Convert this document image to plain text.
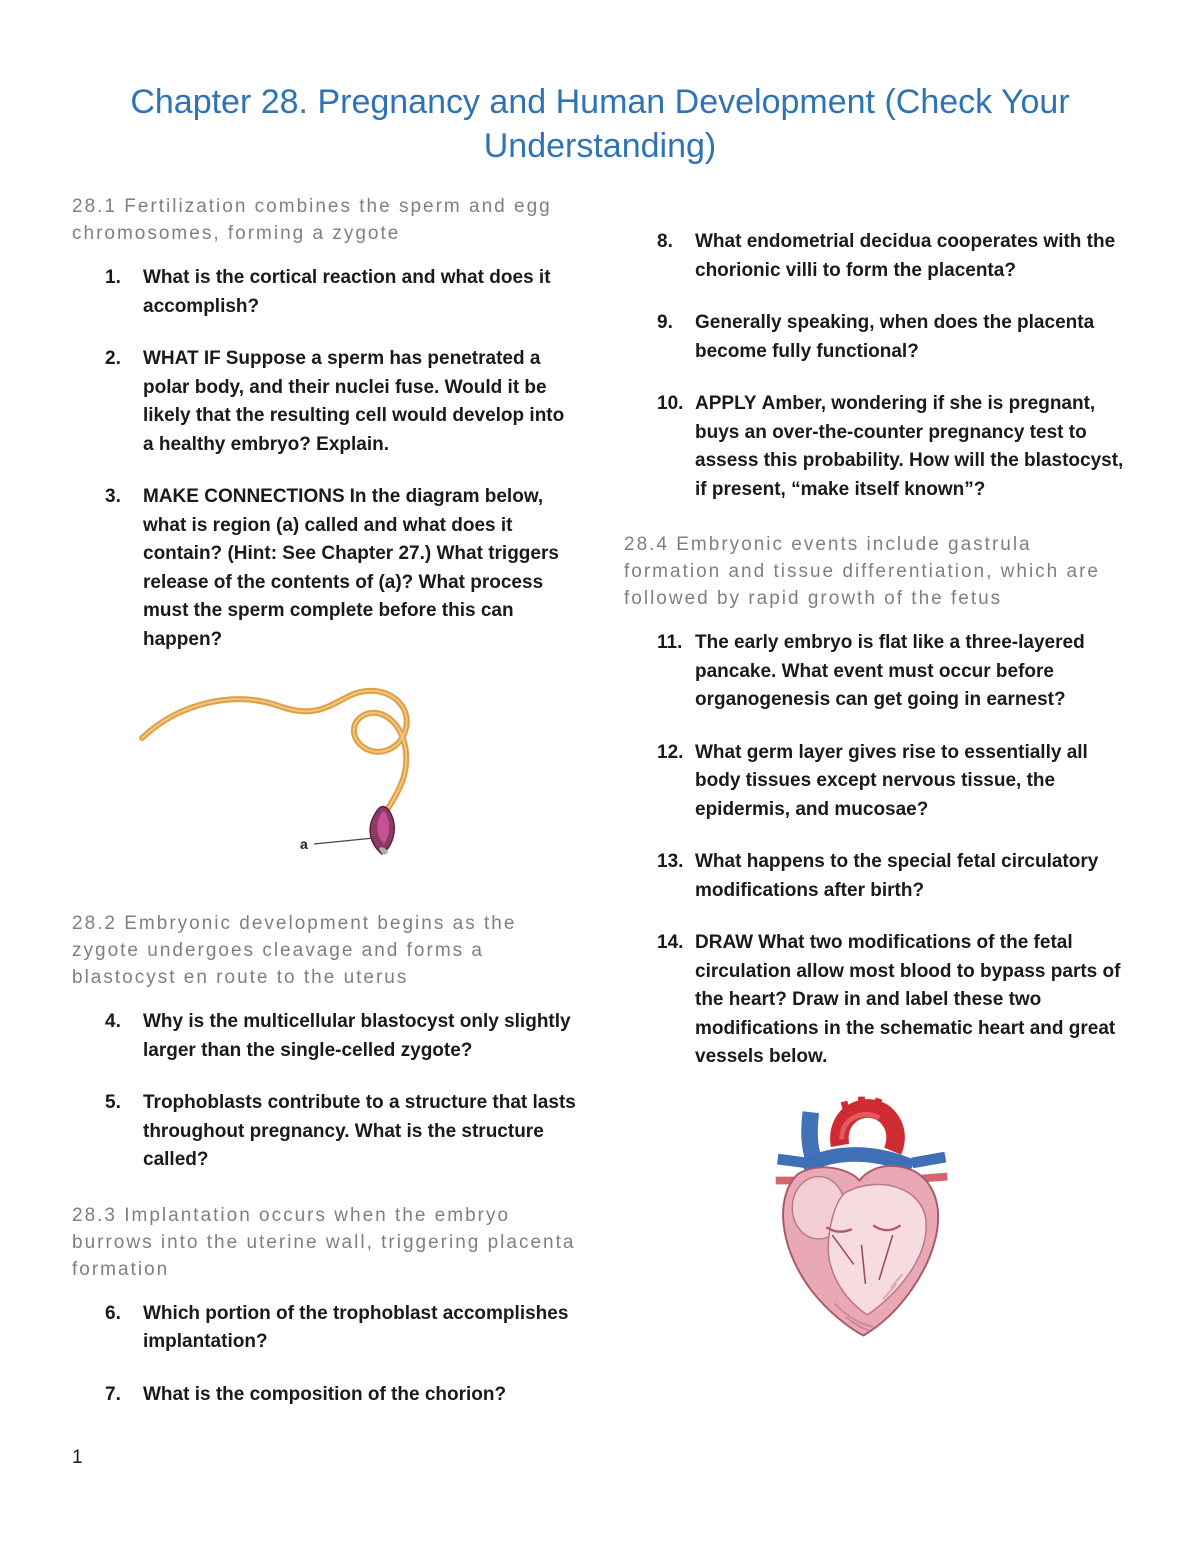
Chapter 28. Pregnancy and Human Development (Check Your Understanding)

28.1 Fertilization combines the sperm and egg chromosomes, forming a zygote

1.	What is the cortical reaction and what does it accomplish?
2.	WHAT IF Suppose a sperm has penetrated a polar body, and their nuclei fuse. Would it be likely that the resulting cell would develop into a healthy embryo? Explain.
3.	MAKE CONNECTIONS In the diagram below, what is region (a) called and what does it contain? (Hint: See Chapter 27.) What triggers release of the contents of (a)? What process must the sperm complete before this can happen?
a

28.2 Embryonic development begins as the zygote undergoes cleavage and forms a blastocyst en route to the uterus

4.	Why is the multicellular blastocyst only slightly larger than the single-celled zygote?
5.	Trophoblasts contribute to a structure that lasts throughout pregnancy. What is the structure called?

28.3 Implantation occurs when the embryo burrows into the uterine wall, triggering placenta formation

6.	Which portion of the trophoblast accomplishes implantation?
7.	What is the composition of the chorion?
8.	What endometrial decidua cooperates with the chorionic villi to form the placenta?
9.	Generally speaking, when does the placenta become fully functional?
10. APPLY Amber, wondering if she is pregnant, buys an over-the-counter pregnancy test to assess this probability. How will the blastocyst, if present, “make itself known”?

28.4 Embryonic events include gastrula formation and tissue differentiation, which are followed by rapid growth of the fetus

11. The early embryo is flat like a three-layered pancake. What event must occur before organogenesis can get going in earnest?
12. What germ layer gives rise to essentially all body tissues except nervous tissue, the epidermis, and mucosae?
13. What happens to the special fetal circulatory modifications after birth?
14. DRAW What two modifications of the fetal circulation allow most blood to bypass parts of the heart? Draw in and label these two modifications in the schematic heart and great vessels below.
1
